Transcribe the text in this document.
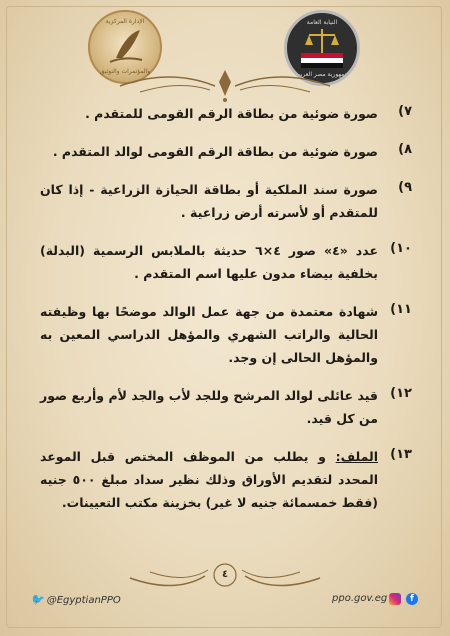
الإدارة المركزية
والمؤتمرات والتوثيق
النيابة العامة
جمهورية مصر العربية
٧)
صورة ضوئية من بطاقة الرقم القومى للمتقدم .
٨)
صورة ضوئية من بطاقة الرقم القومى لوالد المتقدم .
٩)
صورة سند الملكية أو بطاقة الحيازة الزراعية - إذا كان للمتقدم أو لأسرته أرض زراعية .
١٠)
عدد «٤» صور ٤×٦ حديثة بالملابس الرسمية (البدلة) بخلفية بيضاء مدون عليها اسم المتقدم .
١١)
شهادة معتمدة من جهة عمل الوالد موضحًا بها وظيفته الحالية والراتب الشهري والمؤهل الدراسي المعين به والمؤهل الحالى إن وجد.
١٢)
قيد عائلى لوالد المرشح وللجد لأب والجد لأم وأربع صور من كل قيد.
١٣)
الملف: و يطلب من الموظف المختص قبل الموعد المحدد لتقديم الأوراق وذلك نظير سداد مبلغ ٥٠٠ جنيه (فقط خمسمائة جنيه لا غير) بخزينة مكتب التعيينات.
٤
🐦 @EgyptianPPO	ppo.gov.eg	f
